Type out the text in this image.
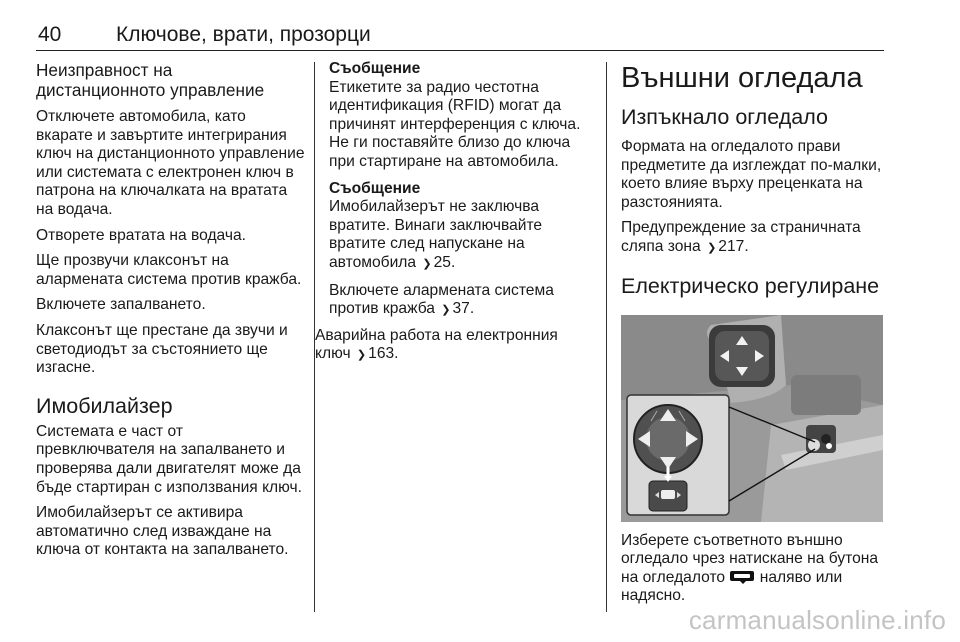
40	Ключове, врати, прозорци

Неизправност на дистанционното управление

Отключете автомобила, като вкарате и завъртите интегрирания ключ на дистанционното управление или системата с електронен ключ в патрона на ключалката на вратата на водача.

Отворете вратата на водача.

Ще прозвучи клаксонът на алармената система против кражба.

Включете запалването.

Клаксонът ще престане да звучи и светодиодът за състоянието ще изгасне.

Имобилайзер

Системата е част от превключвателя на запалването и проверява дали двигателят може да бъде стартиран с използвания ключ.

Имобилайзерът се активира автоматично след изваждане на ключа от контакта на запалването.

Съобщение
Етикетите за радио честотна идентификация (RFID) могат да причинят интерференция с ключа. Не ги поставяйте близо до ключа при стартиране на автомобила.
Съобщение
Имобилайзерът не заключва вратите. Винаги заключвайте вратите след напускане на автомобила ❯ 25.

Включете алармената система против кражба ❯ 37.

Аварийна работа на електронния ключ ❯ 163.

Външни огледала

Изпъкнало огледало

Формата на огледалото прави предметите да изглеждат по-малки, което влияе върху преценката на разстоянията.

Предупреждение за страничната сляпа зона ❯ 217.

Електрическо регулиране

Изберете съответното външно огледало чрез натискане на бутона на огледалото наляво или надясно.

carmanualsonline.info
